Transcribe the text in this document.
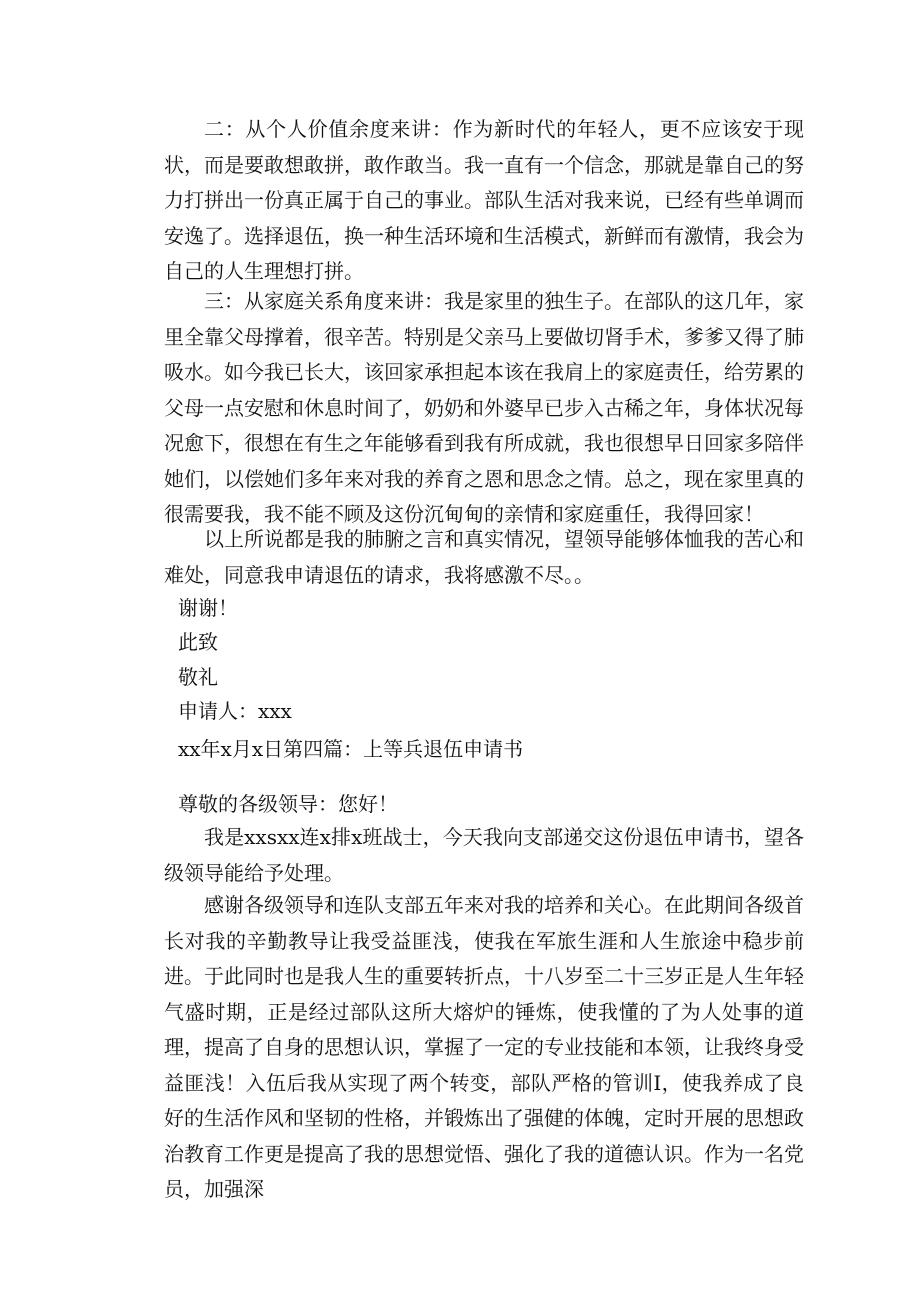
二：从个人价值余度来讲：作为新时代的年轻人，更不应该安于现状，而是要敢想敢拼，敢作敢当。我一直有一个信念，那就是靠自己的努力打拼出一份真正属于自己的事业。部队生活对我来说，已经有些单调而安逸了。选择退伍，换一种生活环境和生活模式，新鲜而有激情，我会为自己的人生理想打拼。

三：从家庭关系角度来讲：我是家里的独生子。在部队的这几年，家里全靠父母撑着，很辛苦。特别是父亲马上要做切肾手术，爹爹又得了肺吸水。如今我已长大，该回家承担起本该在我肩上的家庭责任，给劳累的父母一点安慰和休息时间了，奶奶和外婆早已步入古稀之年，身体状况每况愈下，很想在有生之年能够看到我有所成就，我也很想早日回家多陪伴她们，以偿她们多年来对我的养育之恩和思念之情。总之，现在家里真的很需要我，我不能不顾及这份沉甸甸的亲情和家庭重任，我得回家！

以上所说都是我的肺腑之言和真实情况，望领导能够体恤我的苦心和难处，同意我申请退伍的请求，我将感激不尽。。

谢谢！

此致

敬礼

申请人：xxx

xx年x月x日第四篇：上等兵退伍申请书

尊敬的各级领导：您好！

我是xxsxx连x排x班战士，今天我向支部递交这份退伍申请书，望各级领导能给予处理。

感谢各级领导和连队支部五年来对我的培养和关心。在此期间各级首长对我的辛勤教导让我受益匪浅，使我在军旅生涯和人生旅途中稳步前进。于此同时也是我人生的重要转折点，十八岁至二十三岁正是人生年轻气盛时期，正是经过部队这所大熔炉的锤炼，使我懂的了为人处事的道理，提高了自身的思想认识，掌握了一定的专业技能和本领，让我终身受益匪浅！入伍后我从实现了两个转变，部队严格的管训I，使我养成了良好的生活作风和坚韧的性格，并锻炼出了强健的体魄，定时开展的思想政治教育工作更是提高了我的思想觉悟、强化了我的道德认识。作为一名党员，加强深
